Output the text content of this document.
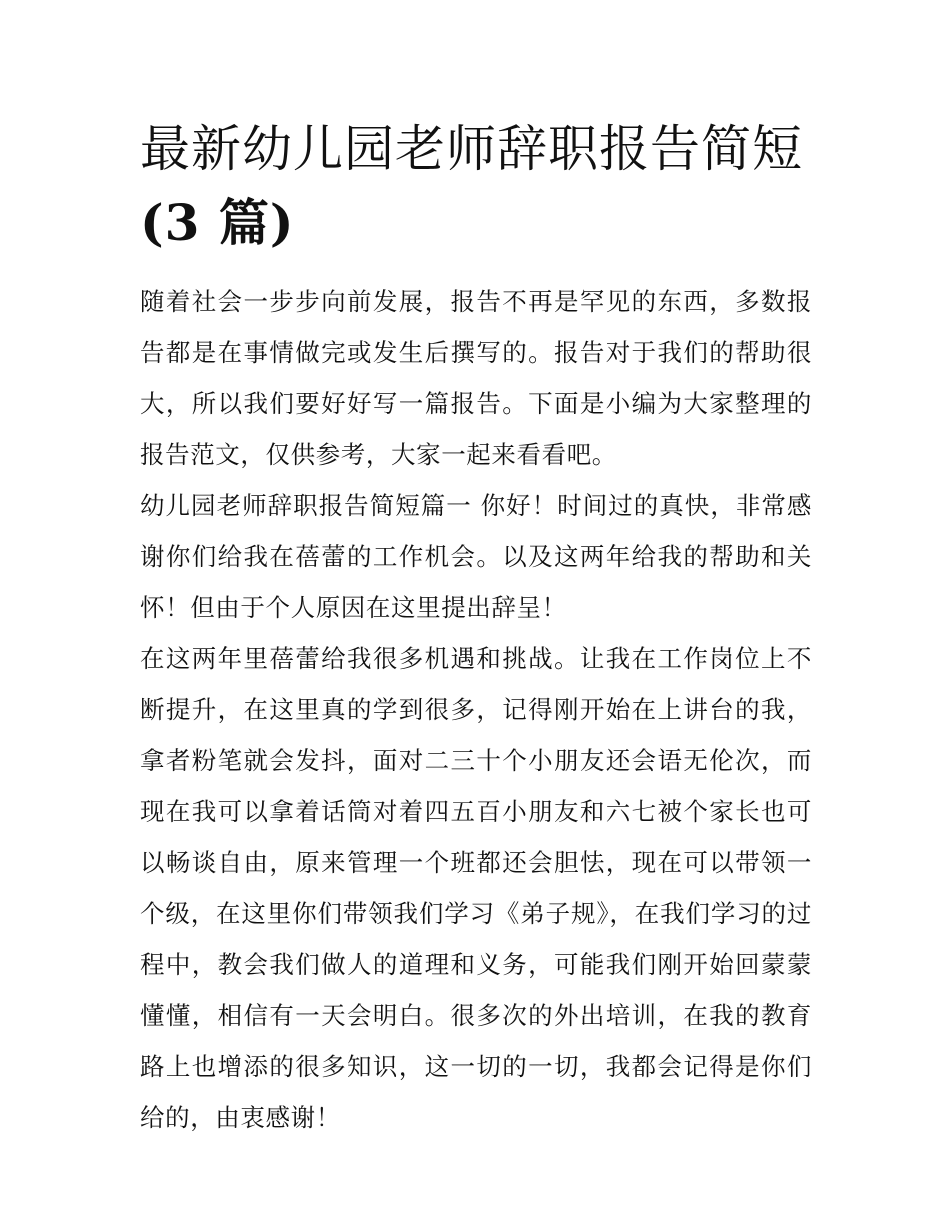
最新幼儿园老师辞职报告简短
(3 篇)

随着社会一步步向前发展，报告不再是罕见的东西，多数报告都是在事情做完或发生后撰写的。报告对于我们的帮助很大，所以我们要好好写一篇报告。下面是小编为大家整理的报告范文，仅供参考，大家一起来看看吧。

幼儿园老师辞职报告简短篇一 你好！时间过的真快，非常感谢你们给我在蓓蕾的工作机会。以及这两年给我的帮助和关怀！但由于个人原因在这里提出辞呈！

在这两年里蓓蕾给我很多机遇和挑战。让我在工作岗位上不断提升，在这里真的学到很多，记得刚开始在上讲台的我，拿者粉笔就会发抖，面对二三十个小朋友还会语无伦次，而现在我可以拿着话筒对着四五百小朋友和六七被个家长也可以畅谈自由，原来管理一个班都还会胆怯，现在可以带领一个级，在这里你们带领我们学习《弟子规》，在我们学习的过程中，教会我们做人的道理和义务，可能我们刚开始回蒙蒙懂懂，相信有一天会明白。很多次的外出培训，在我的教育路上也增添的很多知识，这一切的一切，我都会记得是你们给的，由衷感谢！
